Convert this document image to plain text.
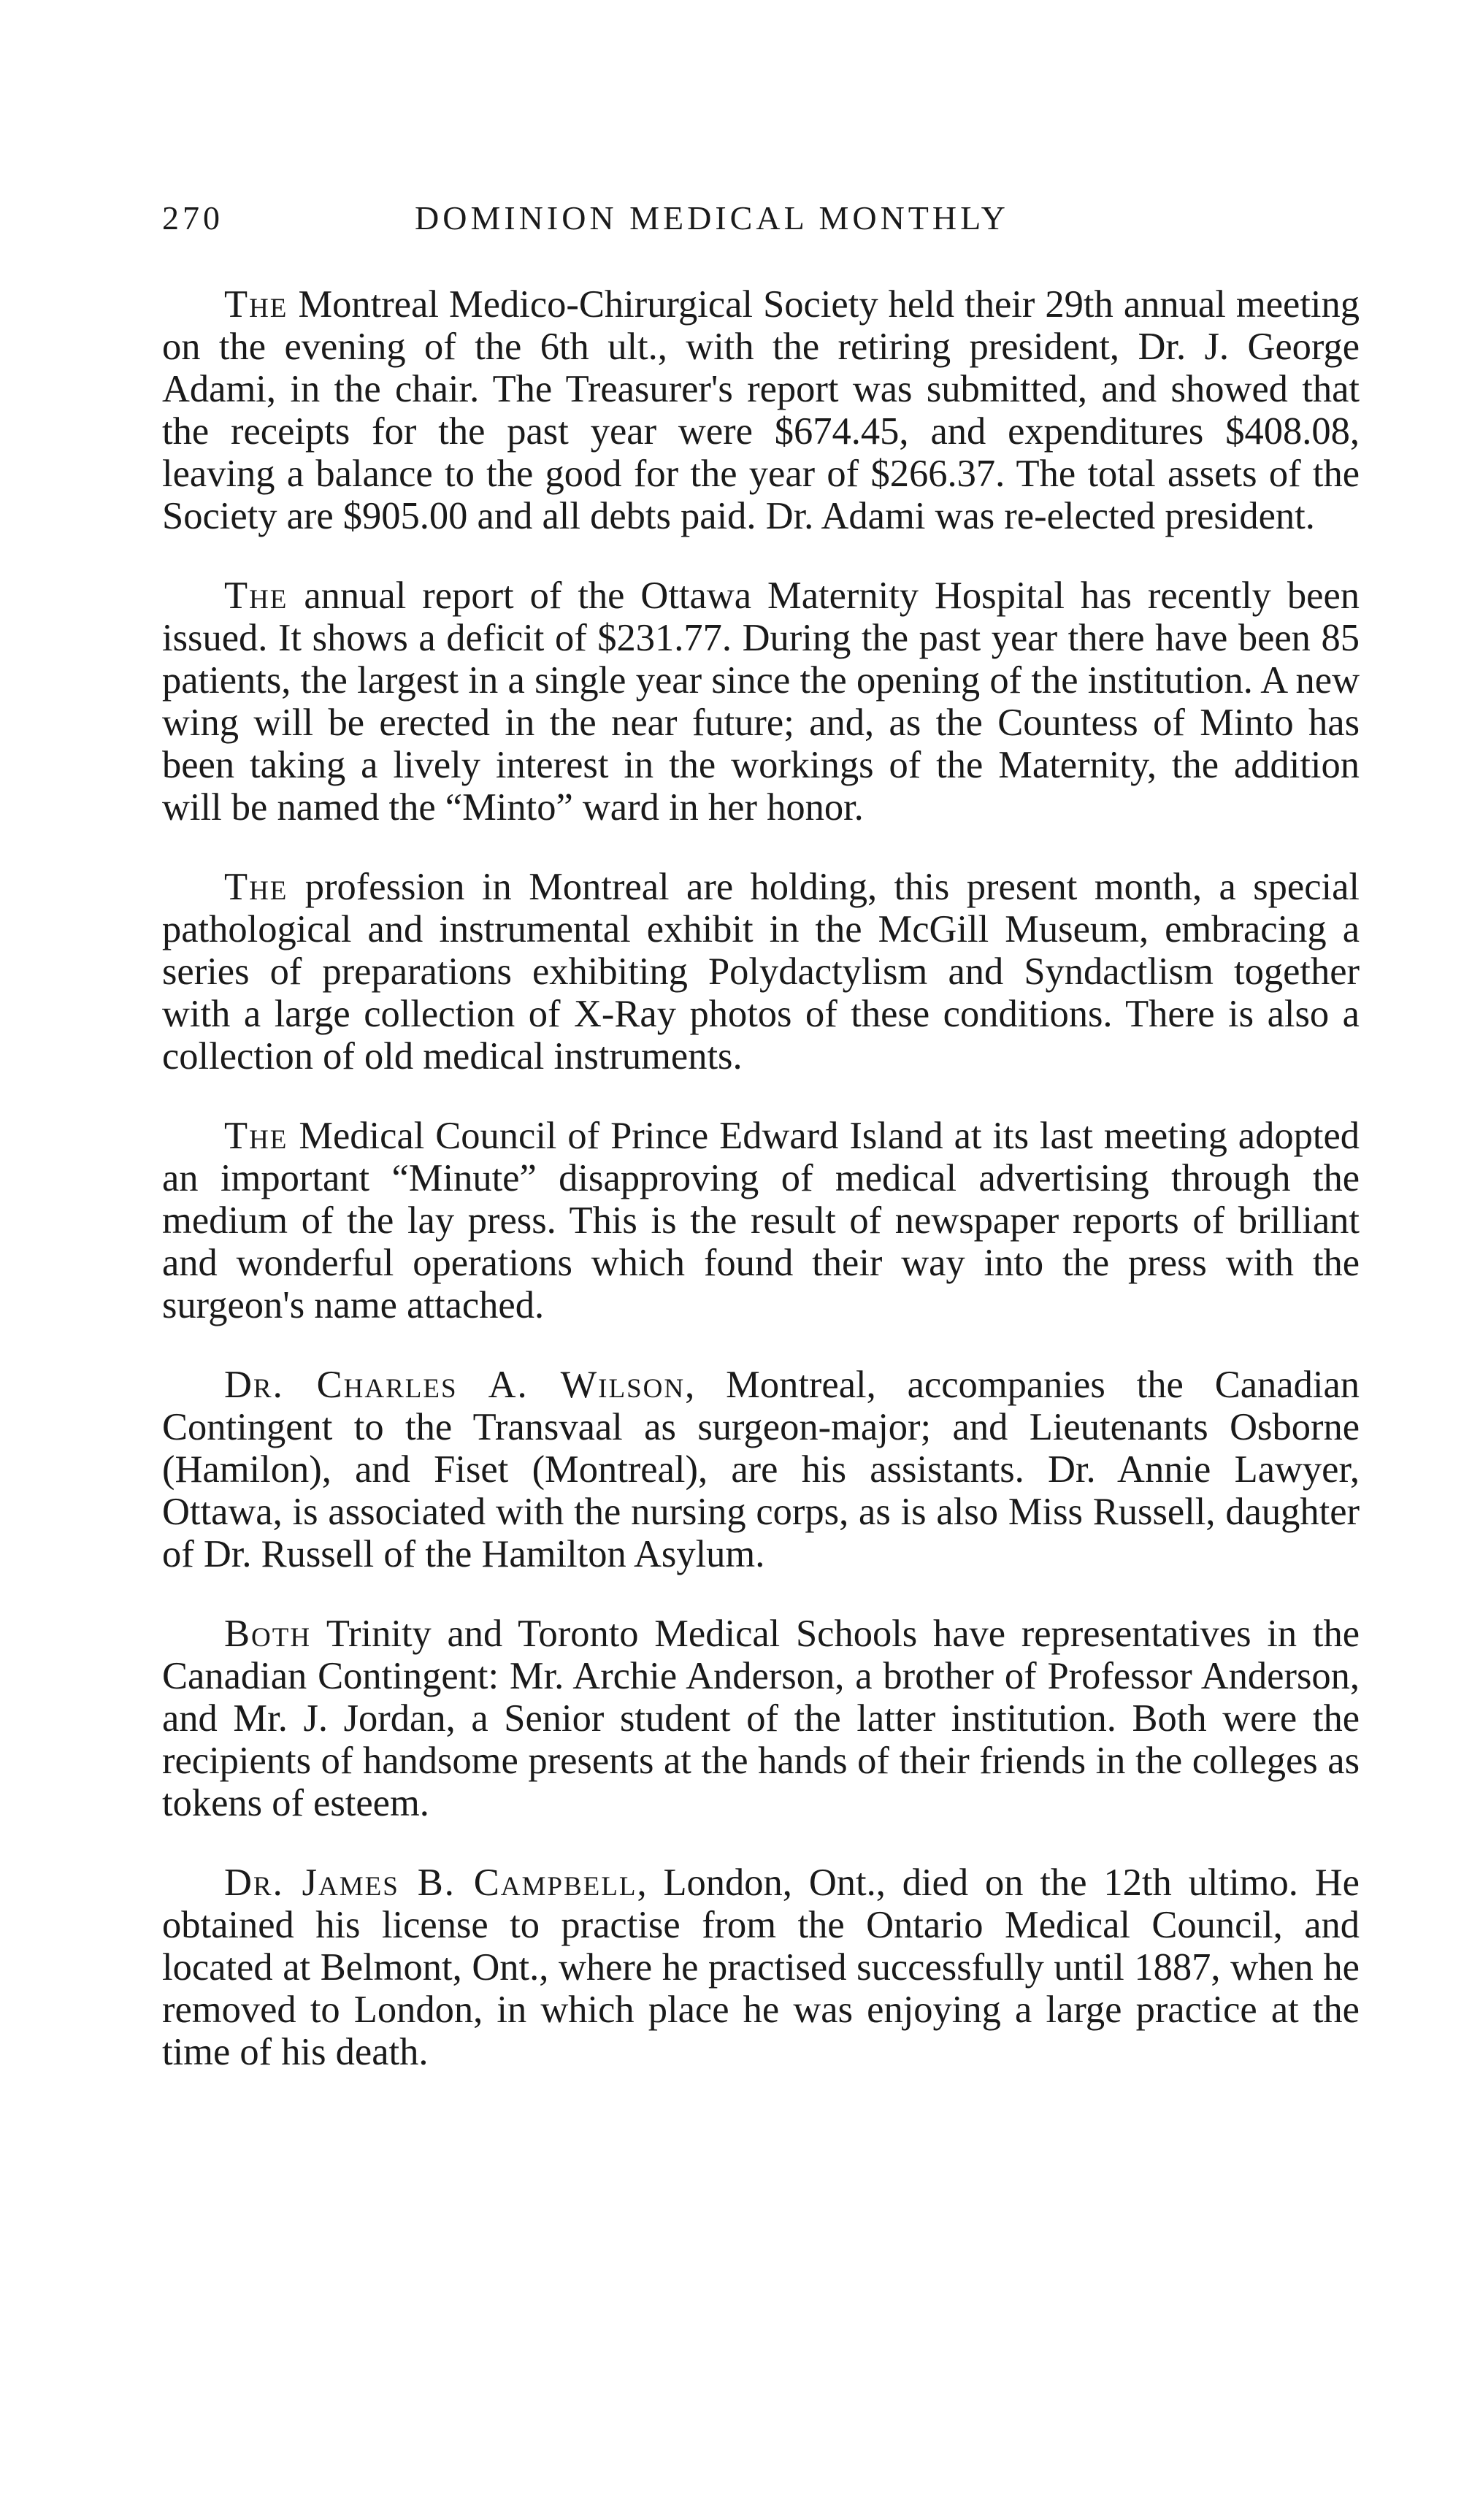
270	DOMINION MEDICAL MONTHLY

The Montreal Medico-Chirurgical Society held their 29th annual meeting on the evening of the 6th ult., with the retiring president, Dr. J. George Adami, in the chair. The Treasurer's report was submitted, and showed that the receipts for the past year were $674.45, and expenditures $408.08, leaving a balance to the good for the year of $266.37. The total assets of the Society are $905.00 and all debts paid. Dr. Adami was re-elected president.

The annual report of the Ottawa Maternity Hospital has recently been issued. It shows a deficit of $231.77. During the past year there have been 85 patients, the largest in a single year since the opening of the institution. A new wing will be erected in the near future; and, as the Countess of Minto has been taking a lively interest in the workings of the Maternity, the addition will be named the “Minto” ward in her honor.

The profession in Montreal are holding, this present month, a special pathological and instrumental exhibit in the McGill Museum, embracing a series of preparations exhibiting Polydactylism and Syndactlism together with a large collection of X-Ray photos of these conditions. There is also a collection of old medical instruments.

The Medical Council of Prince Edward Island at its last meeting adopted an important “Minute” disapproving of medical advertising through the medium of the lay press. This is the result of newspaper reports of brilliant and wonderful operations which found their way into the press with the surgeon's name attached.

Dr. Charles A. Wilson, Montreal, accompanies the Canadian Contingent to the Transvaal as surgeon-major; and Lieutenants Osborne (Hamilon), and Fiset (Montreal), are his assistants. Dr. Annie Lawyer, Ottawa, is associated with the nursing corps, as is also Miss Russell, daughter of Dr. Russell of the Hamilton Asylum.

Both Trinity and Toronto Medical Schools have representatives in the Canadian Contingent: Mr. Archie Anderson, a brother of Professor Anderson, and Mr. J. Jordan, a Senior student of the latter institution. Both were the recipients of handsome presents at the hands of their friends in the colleges as tokens of esteem.

Dr. James B. Campbell, London, Ont., died on the 12th ultimo. He obtained his license to practise from the Ontario Medical Council, and located at Belmont, Ont., where he practised successfully until 1887, when he removed to London, in which place he was enjoying a large practice at the time of his death.
